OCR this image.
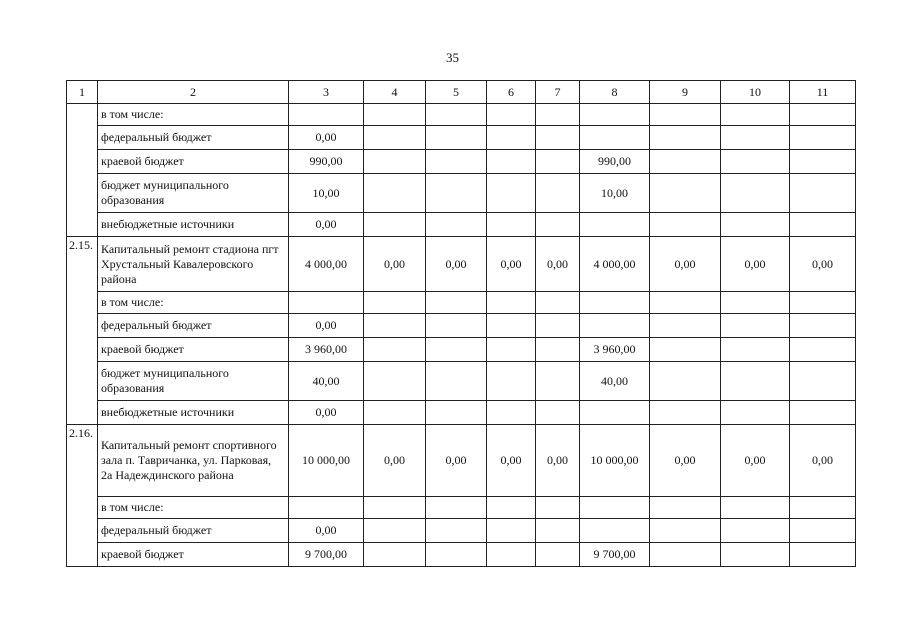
35
1	2	3	4	5	6	7	8	9	10	11
	в том числе:									
	федеральный бюджет	0,00								
	краевой бюджет	990,00					990,00			
	бюджет муниципального образования	10,00					10,00			
	внебюджетные источники	0,00								
2.15.	Капитальный ремонт стадиона пгт Хрустальный Кавалеровского района	4 000,00	0,00	0,00	0,00	0,00	4 000,00	0,00	0,00	0,00
	в том числе:									
	федеральный бюджет	0,00								
	краевой бюджет	3 960,00					3 960,00			
	бюджет муниципального образования	40,00					40,00			
	внебюджетные источники	0,00								
2.16.	Капитальный ремонт спортивного зала п. Тавричанка, ул. Парковая, 2а Надеждинского района	10 000,00	0,00	0,00	0,00	0,00	10 000,00	0,00	0,00	0,00
	в том числе:									
	федеральный бюджет	0,00								
	краевой бюджет	9 700,00					9 700,00			
